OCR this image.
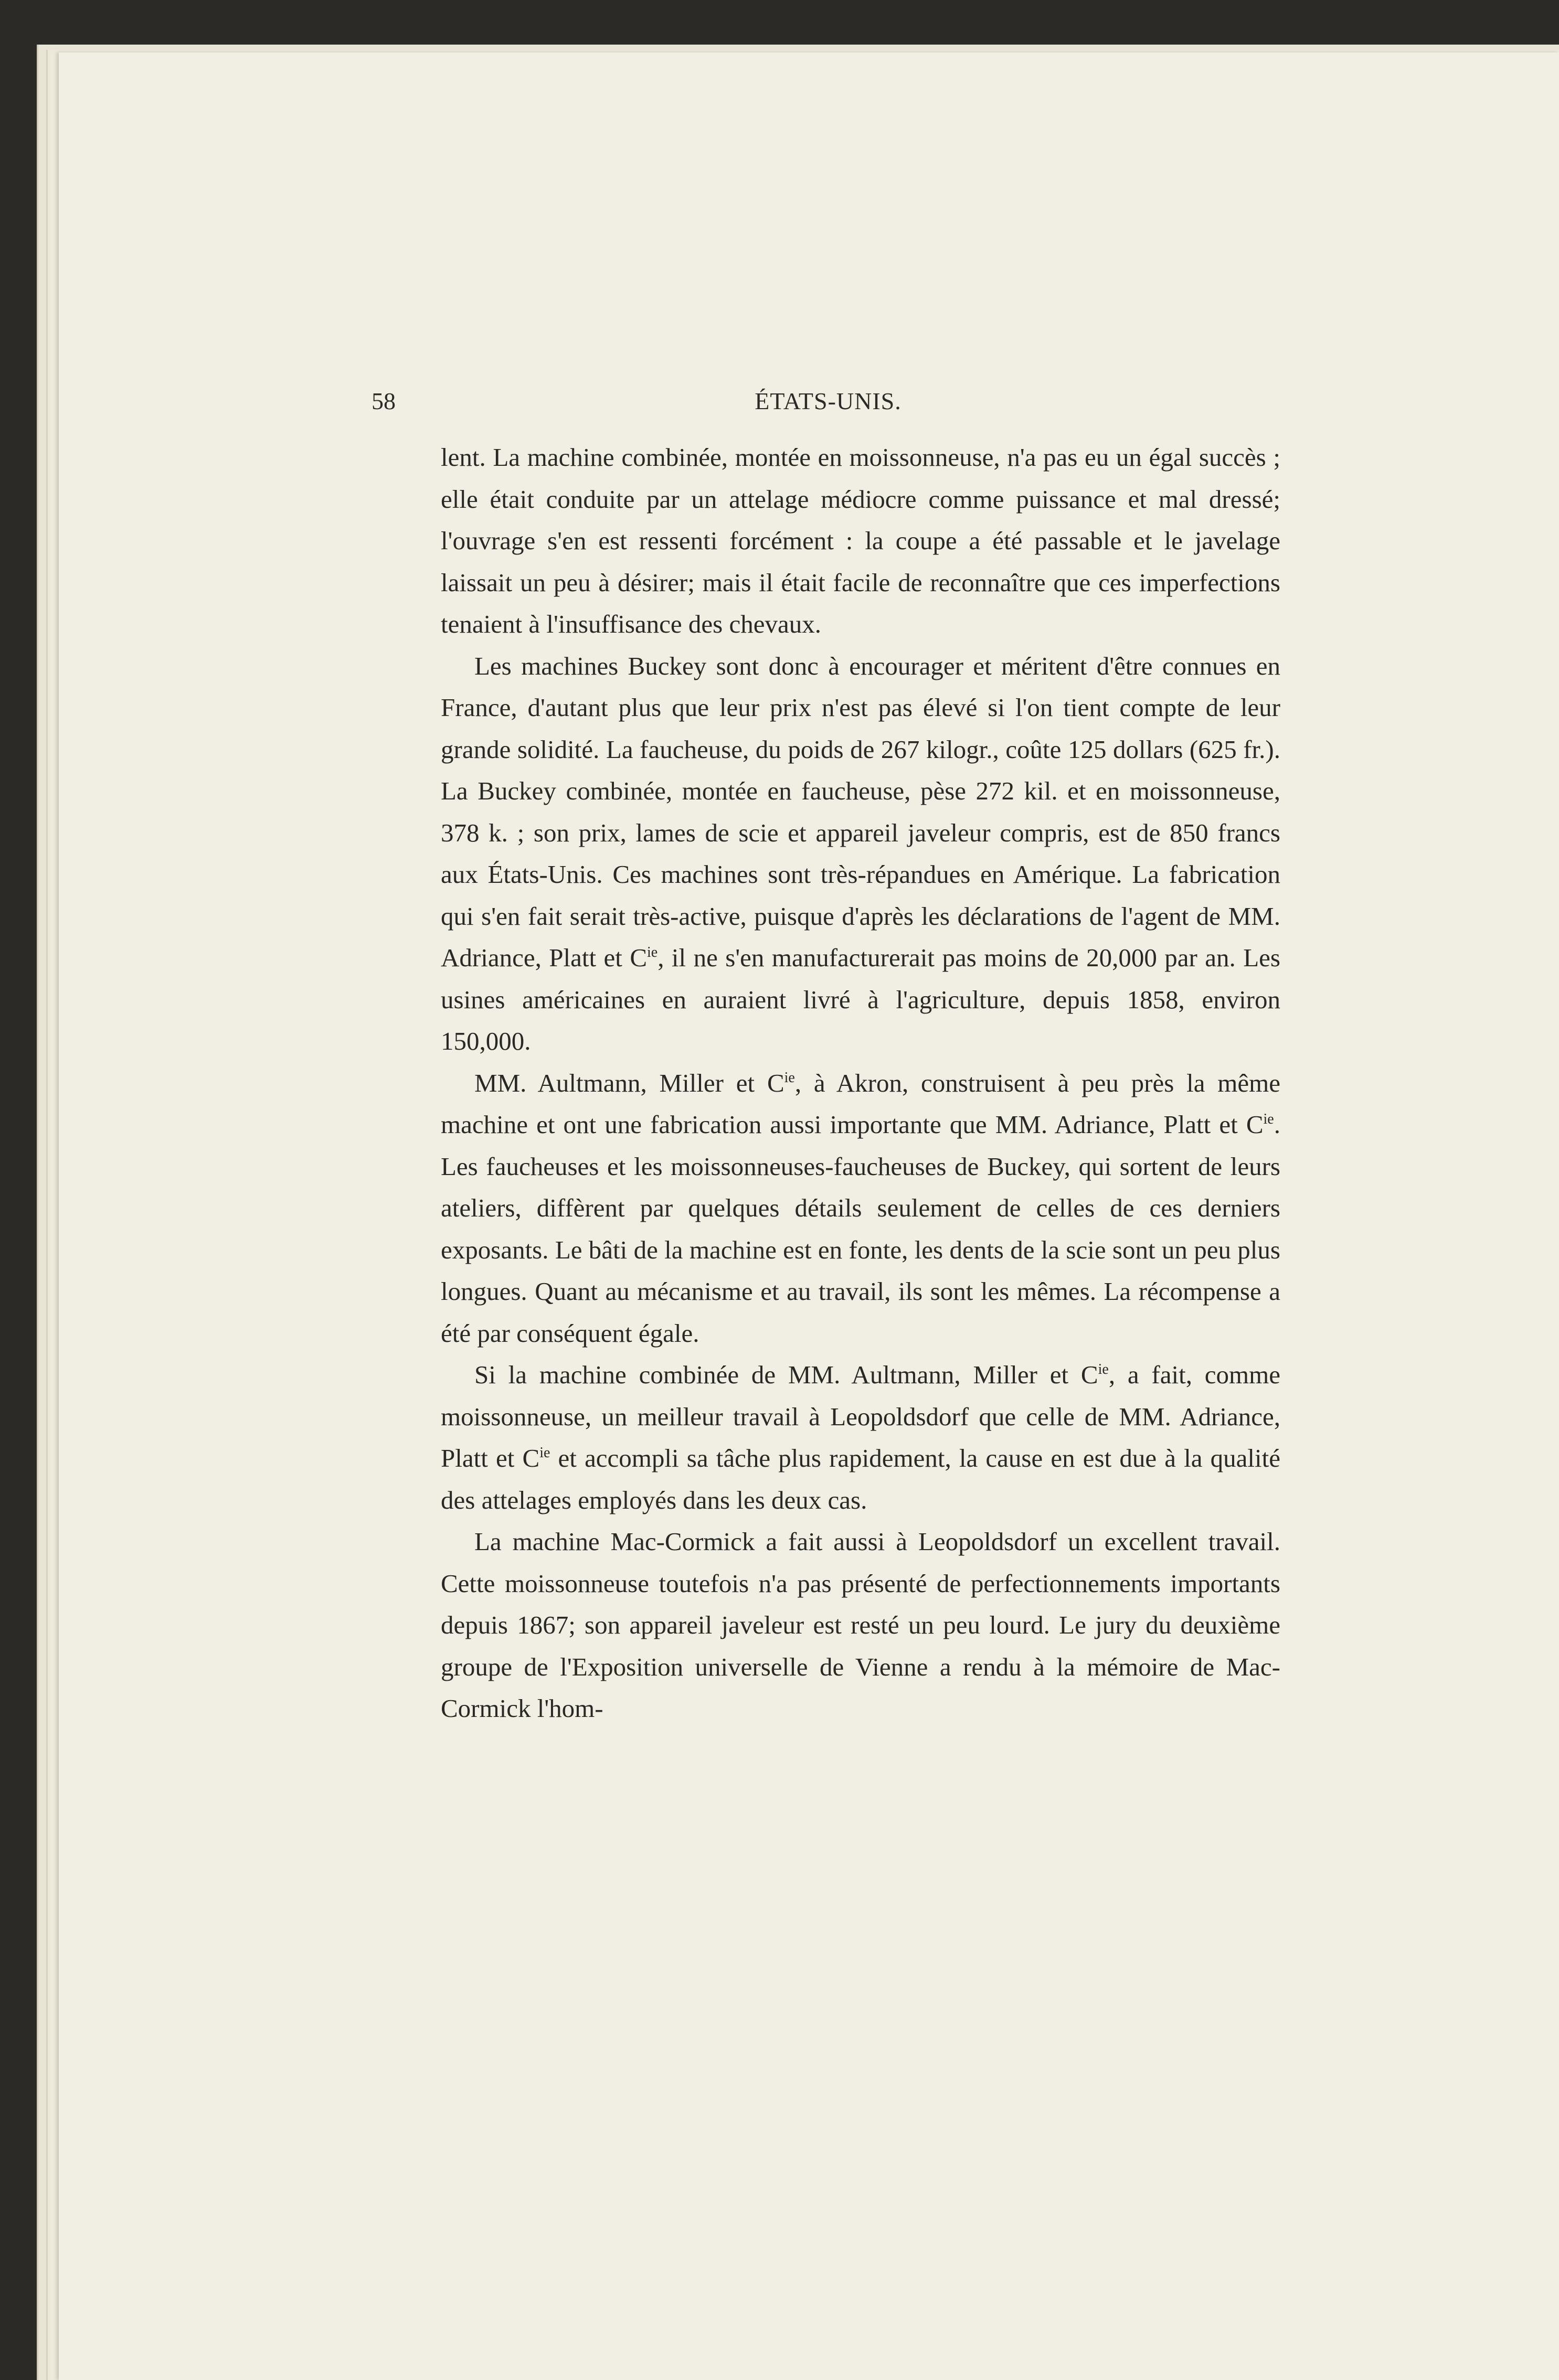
58	ÉTATS-UNIS.

lent. La machine combinée, montée en moissonneuse, n'a pas eu un égal succès ; elle était conduite par un attelage médiocre comme puissance et mal dressé; l'ouvrage s'en est ressenti forcément : la coupe a été passable et le javelage laissait un peu à désirer; mais il était facile de reconnaître que ces imperfections tenaient à l'insuffisance des chevaux.

Les machines Buckey sont donc à encourager et méritent d'être connues en France, d'autant plus que leur prix n'est pas élevé si l'on tient compte de leur grande solidité. La faucheuse, du poids de 267 kilogr., coûte 125 dollars (625 fr.). La Buckey combinée, montée en faucheuse, pèse 272 kil. et en moissonneuse, 378 k. ; son prix, lames de scie et appareil javeleur compris, est de 850 francs aux États-Unis. Ces machines sont très-répandues en Amérique. La fabrication qui s'en fait serait très-active, puisque d'après les déclarations de l'agent de MM. Adriance, Platt et $C^{ie}$, il ne s'en manufacturerait pas moins de 20,000 par an. Les usines américaines en auraient livré à l'agriculture, depuis 1858, environ 150,000.

MM. Aultmann, Miller et $C^{ie}$, à Akron, construisent à peu près la même machine et ont une fabrication aussi importante que MM. Adriance, Platt et $C^{ie}$. Les faucheuses et les moissonneuses-faucheuses de Buckey, qui sortent de leurs ateliers, diffèrent par quelques détails seulement de celles de ces derniers exposants. Le bâti de la machine est en fonte, les dents de la scie sont un peu plus longues. Quant au mécanisme et au travail, ils sont les mêmes. La récompense a été par conséquent égale.

Si la machine combinée de MM. Aultmann, Miller et $C^{ie}$, a fait, comme moissonneuse, un meilleur travail à Leopoldsdorf que celle de MM. Adriance, Platt et $C^{ie}$ et accompli sa tâche plus rapidement, la cause en est due à la qualité des attelages employés dans les deux cas.

La machine Mac-Cormick a fait aussi à Leopoldsdorf un excellent travail. Cette moissonneuse toutefois n'a pas présenté de perfectionnements importants depuis 1867; son appareil javeleur est resté un peu lourd. Le jury du deuxième groupe de l'Exposition universelle de Vienne a rendu à la mémoire de Mac-Cormick l'hom-
